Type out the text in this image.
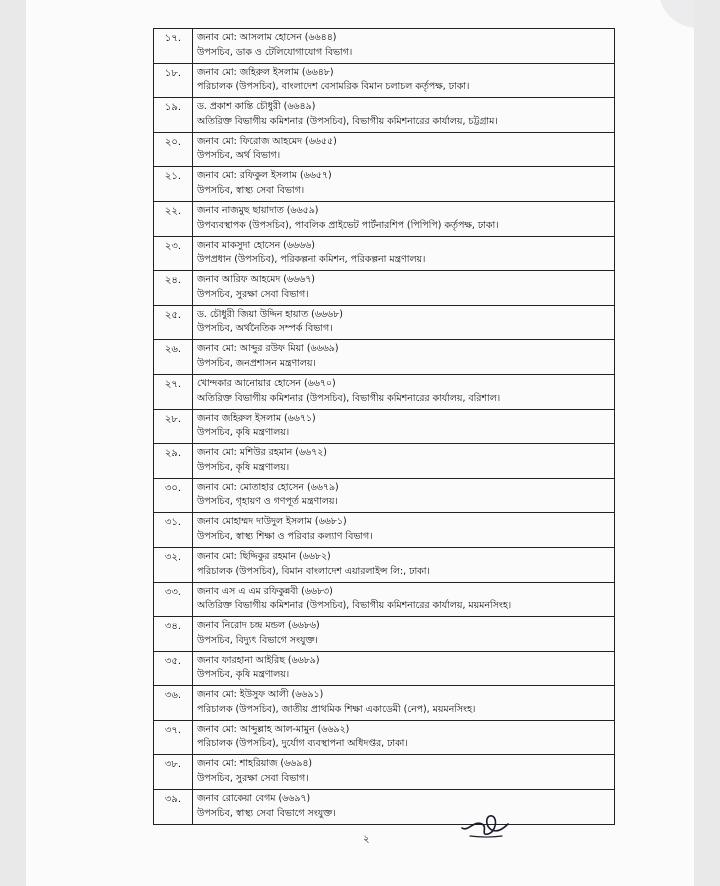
১৭.	জনাব মো: আসলাম হোসেন (৬৬৪৪)
উপসচিব, ডাক ও টেলিযোগাযোগ বিভাগ।
১৮.	জনাব মো: জহিরুল ইসলাম (৬৬৪৮)
পরিচালক (উপসচিব), বাংলাদেশ বেসামরিক বিমান চলাচল কর্তৃপক্ষ, ঢাকা।
১৯.	ড. প্রকাশ কান্তি চৌধুরী (৬৬৪৯)
অতিরিক্ত বিভাগীয় কমিশনার (উপসচিব), বিভাগীয় কমিশনারের কার্যালয়, চট্টগ্রাম।
২০.	জনাব মো: ফিরোজ আহমেদ (৬৬৫৫)
উপসচিব, অর্থ বিভাগ।
২১.	জনাব মো: রফিকুল ইসলাম (৬৬৫৭)
উপসচিব, স্বাস্থ্য সেবা বিভাগ।
২২.	জনাব নাজমুছ ছায়াদাত (৬৬৫৯)
উপব্যবস্থাপক (উপসচিব), পাবলিক প্রাইভেট পার্টনারশিপ (পিপিপি) কর্তৃপক্ষ, ঢাকা।
২৩.	জনাব মাকসুদা হোসেন (৬৬৬৬)
উপপ্রধান (উপসচিব), পরিকল্পনা কমিশন, পরিকল্পনা মন্ত্রণালয়।
২৪.	জনাব আরিফ আহমেদ (৬৬৬৭)
উপসচিব, সুরক্ষা সেবা বিভাগ।
২৫.	ড. চৌধুরী জিয়া উদ্দিন হায়াত (৬৬৬৮)
উপসচিব, অর্থনৈতিক সম্পর্ক বিভাগ।
২৬.	জনাব মো: আব্দুর রউফ মিয়া (৬৬৬৯)
উপসচিব, জনপ্রশাসন মন্ত্রণালয়।
২৭.	খোন্দকার আনোয়ার হোসেন (৬৬৭০)
অতিরিক্ত বিভাগীয় কমিশনার (উপসচিব), বিভাগীয় কমিশনারের কার্যালয়, বরিশাল।
২৮.	জনাব জহিরুল ইসলাম (৬৬৭১)
উপসচিব, কৃষি মন্ত্রণালয়।
২৯.	জনাব মো: মশিউর রহমান (৬৬৭২)
উপসচিব, কৃষি মন্ত্রণালয়।
৩০.	জনাব মো: মোতাহার হোসেন (৬৬৭৯)
উপসচিব, গৃহায়ণ ও গণপূর্ত মন্ত্রণালয়।
৩১.	জনাব মোহাম্মদ দাউদুল ইসলাম (৬৬৮১)
উপসচিব, স্বাস্থ্য শিক্ষা ও পরিবার কল্যাণ বিভাগ।
৩২.	জনাব মো: ছিদ্দিকুর রহমান (৬৬৮২)
পরিচালক (উপসচিব), বিমান বাংলাদেশ এয়ারলাইন্স লি:, ঢাকা।
৩৩.	জনাব এস এ এম রফিকুন্নবী (৬৬৮৩)
অতিরিক্ত বিভাগীয় কমিশনার (উপসচিব), বিভাগীয় কমিশনারের কার্যালয়, ময়মনসিংহ।
৩৪.	জনাব নিরোদ চন্দ্র মন্ডল (৬৬৮৬)
উপসচিব, বিদ্যুৎ বিভাগে সংযুক্ত।
৩৫.	জনাব ফারহানা আইরিছ (৬৬৮৯)
উপসচিব, কৃষি মন্ত্রণালয়।
৩৬.	জনাব মো: ইউসুফ আলী (৬৬৯১)
পরিচালক (উপসচিব), জাতীয় প্রাথমিক শিক্ষা একাডেমী (নেপ), ময়মনসিংহ।
৩৭.	জনাব মো: আব্দুল্লাহ আল-মামুন (৬৬৯২)
পরিচালক (উপসচিব), দুর্যোগ ব্যবস্থাপনা অধিদপ্তর, ঢাকা।
৩৮.	জনাব মো: শাহরিয়াজ (৬৬৯৪)
উপসচিব, সুরক্ষা সেবা বিভাগ।
৩৯.	জনাব রোকেয়া বেগম (৬৬৯৭)
উপসচিব, স্বাস্থ্য সেবা বিভাগে সংযুক্ত।
২
